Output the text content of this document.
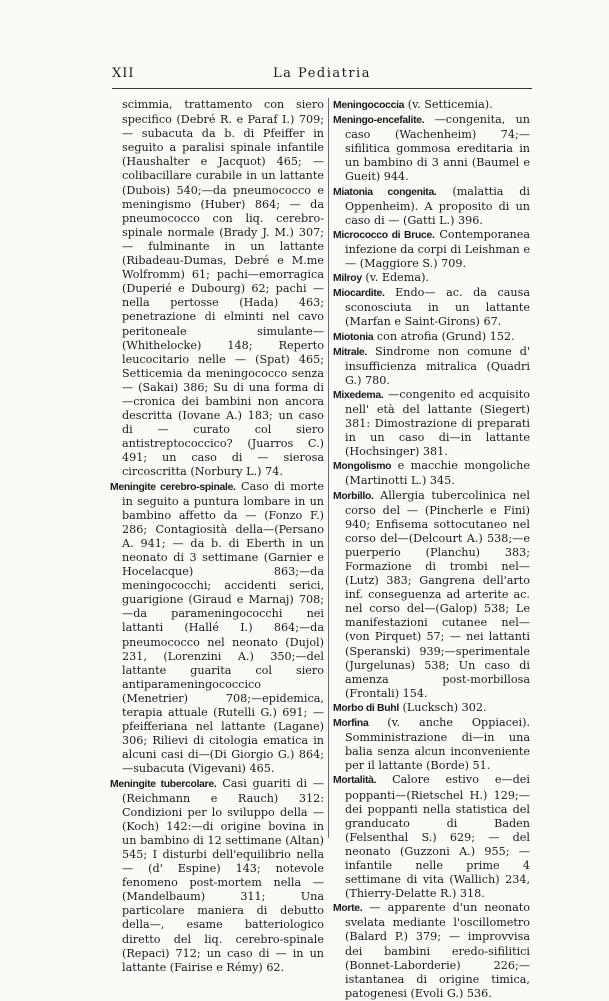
XII	La Pediatria

scimmia, trattamento con siero specifico (Debré R. e Paraf I.) 709; — subacuta da b. di Pfeiffer in seguito a paralisi spinale infantile (Haushalter e Jacquot) 465; —colibacillare curabile in un lattante (Dubois) 540;—da pneumococco e meningismo (Huber) 864; — da pneumococco con liq. cerebro-spinale normale (Brady J. M.) 307; — fulminante in un lattante (Ribadeau-Dumas, Debré e M.me Wolfromm) 61; pachi—emorragica (Duperié e Dubourg) 62; pachi — nella pertosse (Hada) 463; penetrazione di elminti nel cavo peritoneale simulante—(Whithelocke) 148; Reperto leucocitario nelle — (Spat) 465; Setticemia da meningococco senza — (Sakai) 386; Su di una forma di—cronica dei bambini non ancora descritta (Iovane A.) 183; un caso di — curato col siero antistreptococcico? (Juarros C.) 491; un caso di — sierosa circoscritta (Norbury L.) 74.

Meningite cerebro-spinale. Caso di morte in seguito a puntura lombare in un bambino affetto da — (Fonzo F.) 286; Contagiosità della—(Persano A. 941; — da b. di Eberth in un neonato di 3 settimane (Garnier e Hocelacque) 863;—da meningococchi; accidenti serici, guarigione (Giraud e Marnaj) 708;—da parameningococchi nei lattanti (Hallé I.) 864;—da pneumococco nel neonato (Dujol) 231, (Lorenzini A.) 350;—del lattante guarita col siero antiparameningococcico (Menetrier) 708;—epidemica, terapia attuale (Rutelli G.) 691; —pfeifferiana nel lattante (Lagane) 306; Rilievi di citologia ematica in alcuni casi di—(Di Giorgio G.) 864;—subacuta (Vigevani) 465.

Meningite tubercolare. Casi guariti di — (Reichmann e Rauch) 312: Condizioni per lo sviluppo della — (Koch) 142:—di origine bovina in un bambino di 12 settimane (Altan) 545; I disturbi dell'equilibrio nella — (d' Espine) 143; notevole fenomeno post-mortem nella — (Mandelbaum) 311; Una particolare maniera di debutto della—, esame batteriologico diretto del liq. cerebro-spinale (Repaci) 712; un caso di — in un lattante (Fairise e Rémy) 62.

Meningococcia (v. Setticemia).

Meningo-encefalite. —congenita, un caso (Wachenheim) 74;—sifilitica gommosa ereditaria in un bambino di 3 anni (Baumel e Gueit) 944.

Miatonia congenita. (malattia di Oppenheim). A proposito di un caso di — (Gatti L.) 396.

Micrococco di Bruce. Contemporanea infezione da corpi di Leishman e — (Maggiore S.) 709.

Milroy (v. Edema).

Miocardite. Endo— ac. da causa sconosciuta in un lattante (Marfan e Saint-Girons) 67.

Miotonia con atrofia (Grund) 152.

Mitrale. Sindrome non comune d' insufficienza mitralica (Quadri G.) 780.

Mixedema. —congenito ed acquisito nell' età del lattante (Siegert) 381: Dimostrazione di preparati in un caso di—in lattante (Hochsinger) 381.

Mongolismo e macchie mongoliche (Martinotti L.) 345.

Morbillo. Allergia tubercolinica nel corso del — (Pincherle e Fini) 940; Enfisema sottocutaneo nel corso del—(Delcourt A.) 538;—e puerperio (Planchu) 383; Formazione di trombi nel—(Lutz) 383; Gangrena dell'arto inf. conseguenza ad arterite ac. nel corso del—(Galop) 538; Le manifestazioni cutanee nel—(von Pirquet) 57; — nei lattanti (Speranski) 939;—sperimentale (Jurgelunas) 538; Un caso di amenza post-morbillosa (Frontali) 154.

Morbo di Buhl (Lucksch) 302.

Morfina (v. anche Oppiacei). Somministrazione di—in una balia senza alcun inconveniente per il lattante (Borde) 51.

Mortalità. Calore estivo e—dei poppanti—(Rietschel H.) 129;—dei poppanti nella statistica del granducato di Baden (Felsenthal S.) 629; — del neonato (Guzzoni A.) 955; —infantile nelle prime 4 settimane di vita (Wallich) 234, (Thierry-Delatte R.) 318.

Morte. — apparente d'un neonato svelata mediante l'oscillometro (Balard P.) 379; — improvvisa dei bambini eredo-sifilitici (Bonnet-Laborderie) 226;—istantanea di origine timica, patogenesi (Evoli G.) 536.
